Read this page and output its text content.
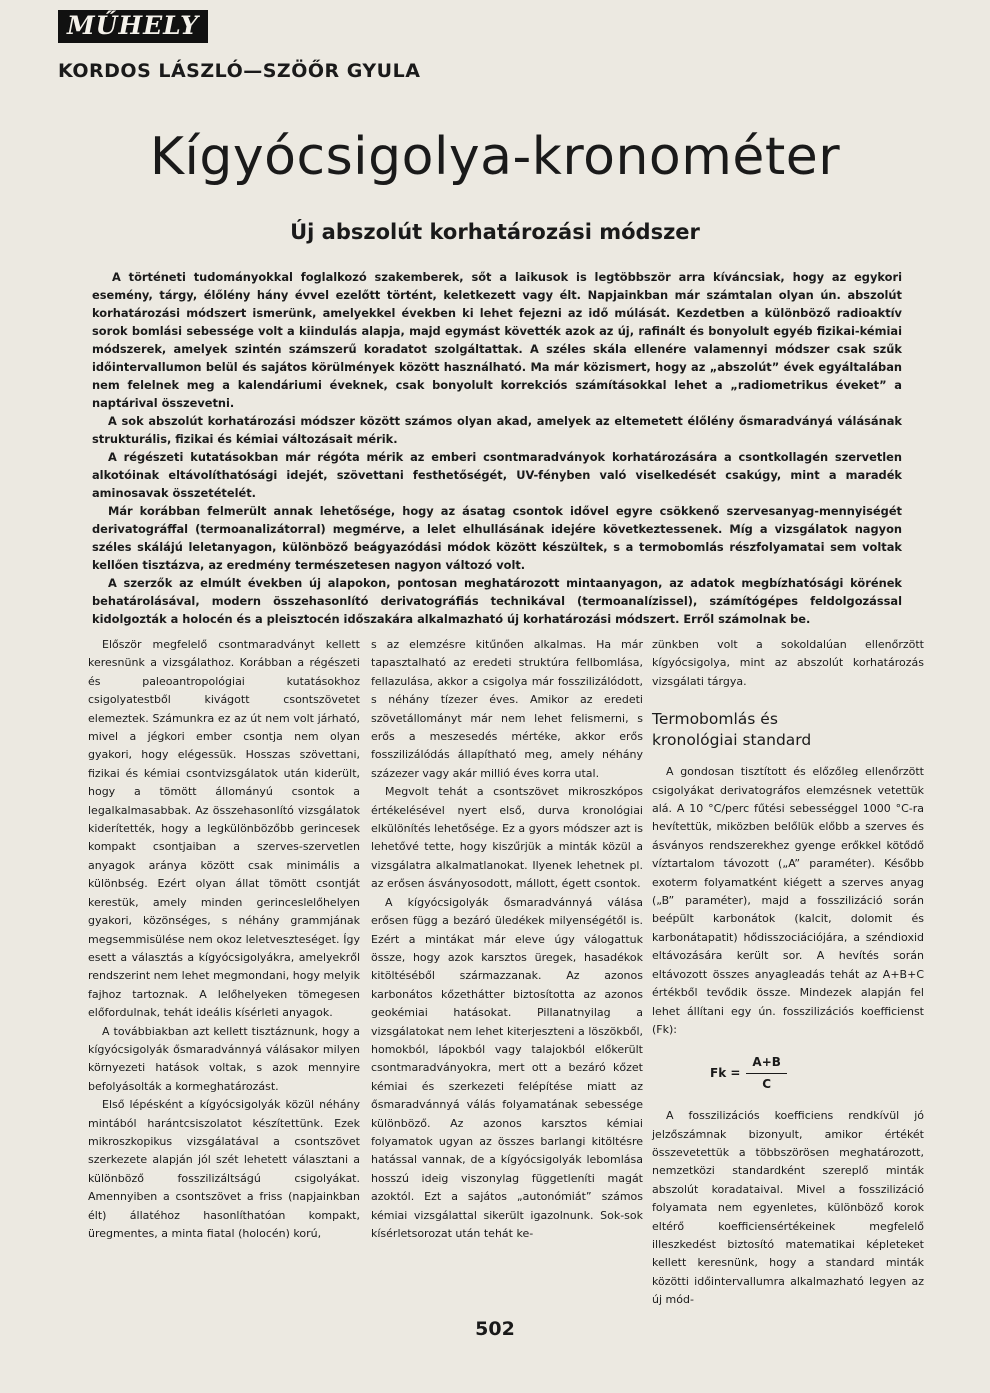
MŰHELY
KORDOS LÁSZLÓ—SZÖŐR GYULA
Kígyócsigolya-kronométer
Új abszolút korhatározási módszer

A történeti tudományokkal foglalkozó szakemberek, sőt a laikusok is legtöbbször arra kíváncsiak, hogy az egykori esemény, tárgy, élőlény hány évvel ezelőtt történt, keletkezett vagy élt. Napjainkban már számtalan olyan ún. abszolút korhatározási módszert ismerünk, amelyekkel években ki lehet fejezni az idő múlását. Kezdetben a különböző radioaktív sorok bomlási sebessége volt a kiindulás alapja, majd egymást követték azok az új, rafinált és bonyolult egyéb fizikai-kémiai módszerek, amelyek szintén számszerű koradatot szolgáltattak. A széles skála ellenére valamennyi módszer csak szűk időintervallumon belül és sajátos körülmények között használható. Ma már közismert, hogy az „abszolút” évek egyáltalában nem felelnek meg a kalendáriumi éveknek, csak bonyolult korrekciós számításokkal lehet a „radiometrikus éveket” a naptárival összevetni.

A sok abszolút korhatározási módszer között számos olyan akad, amelyek az eltemetett élőlény ősmaradványá válásának strukturális, fizikai és kémiai változásait mérik.

A régészeti kutatásokban már régóta mérik az emberi csontmaradványok korhatározására a csontkollagén szervetlen alkotóinak eltávolíthatósági idejét, szövettani festhetőségét, UV-fényben való viselkedését csakúgy, mint a maradék aminosavak összetételét.

Már korábban felmerült annak lehetősége, hogy az ásatag csontok idővel egyre csökkenő szervesanyag-mennyiségét derivatográffal (termoanalizátorral) megmérve, a lelet elhullásának idejére következtessenek. Míg a vizsgálatok nagyon széles skálájú leletanyagon, különböző beágyazódási módok között készültek, s a termobomlás részfolyamatai sem voltak kellően tisztázva, az eredmény természetesen nagyon változó volt.

A szerzők az elmúlt években új alapokon, pontosan meghatározott mintaanyagon, az adatok megbízhatósági körének behatárolásával, modern összehasonlító derivatográfiás technikával (termoanalízissel), számítógépes feldolgozással kidolgozták a holocén és a pleisztocén időszakára alkalmazható új korhatározási módszert. Erről számolnak be.

Először megfelelő csontmaradványt kellett keresnünk a vizsgálathoz. Korábban a régészeti és paleoantropológiai kutatásokhoz csigolyatestből kivágott csontszövetet elemeztek. Számunkra ez az út nem volt járható, mivel a jégkori ember csontja nem olyan gyakori, hogy elégessük. Hosszas szövettani, fizikai és kémiai csontvizsgálatok után kiderült, hogy a tömött állományú csontok a legalkalmasabbak. Az összehasonlító vizsgálatok kiderítették, hogy a legkülönbözőbb gerincesek kompakt csontjaiban a szerves-szervetlen anyagok aránya között csak minimális a különbség. Ezért olyan állat tömött csontját kerestük, amely minden gerinceslelőhelyen gyakori, közönséges, s néhány grammjának megsemmisülése nem okoz leletveszteséget. Így esett a választás a kígyócsigolyákra, amelyekről rendszerint nem lehet megmondani, hogy melyik fajhoz tartoznak. A lelőhelyeken tömegesen előfordulnak, tehát ideális kísérleti anyagok.

A továbbiakban azt kellett tisztáznunk, hogy a kígyócsigolyák ősmaradvánnyá válásakor milyen környezeti hatások voltak, s azok mennyire befolyásolták a kormeghatározást.

Első lépésként a kígyócsigolyák közül néhány mintából harántcsiszolatot készítettünk. Ezek mikroszkopikus vizsgálatával a csontszövet szerkezete alapján jól szét lehetett választani a különböző fosszilizáltságú csigolyákat. Amennyiben a csontszövet a friss (napjainkban élt) állatéhoz hasonlíthatóan kompakt, üregmentes, a minta fiatal (holocén) korú,

s az elemzésre kitűnően alkalmas. Ha már tapasztalható az eredeti struktúra fellbomlása, fellazulása, akkor a csigolya már fosszilizálódott, s néhány tízezer éves. Amikor az eredeti szövetállományt már nem lehet felismerni, s erős a meszesedés mértéke, akkor erős fosszilizálódás állapítható meg, amely néhány százezer vagy akár millió éves korra utal.

Megvolt tehát a csontszövet mikroszkópos értékelésével nyert első, durva kronológiai elkülönítés lehetősége. Ez a gyors módszer azt is lehetővé tette, hogy kiszűrjük a minták közül a vizsgálatra alkalmatlanokat. Ilyenek lehetnek pl. az erősen ásványosodott, mállott, égett csontok.

A kígyócsigolyák ősmaradvánnyá válása erősen függ a bezáró üledékek milyenségétől is. Ezért a mintákat már eleve úgy válogattuk össze, hogy azok karsztos üregek, hasadékok kitöltéséből származzanak. Az azonos karbonátos kőzethátter biztosította az azonos geokémiai hatásokat. Pillanatnyilag a vizsgálatokat nem lehet kiterjeszteni a löszökből, homokból, lápokból vagy talajokból előkerült csontmaradványokra, mert ott a bezáró kőzet kémiai és szerkezeti felépítése miatt az ősmaradvánnyá válás folyamatának sebessége különböző. Az azonos karsztos kémiai folyamatok ugyan az összes barlangi kitöltésre hatással vannak, de a kígyócsigolyák lebomlása hosszú ideig viszonylag függetleníti magát azoktól. Ezt a sajátos „autonómiát” számos kémiai vizsgálattal sikerült igazolnunk. Sok-sok kísérletsorozat után tehát ke-

zünkben volt a sokoldalúan ellenőrzött kígyócsigolya, mint az abszolút korhatározás vizsgálati tárgya.

Termobomlás és
kronológiai standard

A gondosan tisztított és előzőleg ellenőrzött csigolyákat derivatográfos elemzésnek vetettük alá. A 10 °C/perc fűtési sebességgel 1000 °C-ra hevítettük, miközben belőlük előbb a szerves és ásványos rendszerekhez gyenge erőkkel kötődő víztartalom távozott („A” paraméter). Később exoterm folyamatként kiégett a szerves anyag („B” paraméter), majd a fosszilizáció során beépült karbonátok (kalcit, dolomit és karbonátapatit) hődisszociációjára, a széndioxid eltávozására került sor. A hevítés során eltávozott összes anyagleadás tehát az A+B+C értékből tevődik össze. Mindezek alapján fel lehet állítani egy ún. fosszilizációs koefficienst (Fk):

$Fk = \frac{A+B}{C}$

A fosszilizációs koefficiens rendkívül jó jelzőszámnak bizonyult, amikor értékét összevetettük a többszörösen meghatározott, nemzetközi standardként szereplő minták abszolút koradataival. Mivel a fosszilizáció folyamata nem egyenletes, különböző korok eltérő koefficiensértékeinek megfelelő illeszkedést biztosító matematikai képleteket kellett keresnünk, hogy a standard minták közötti időintervallumra alkalmazható legyen az új mód-

502
